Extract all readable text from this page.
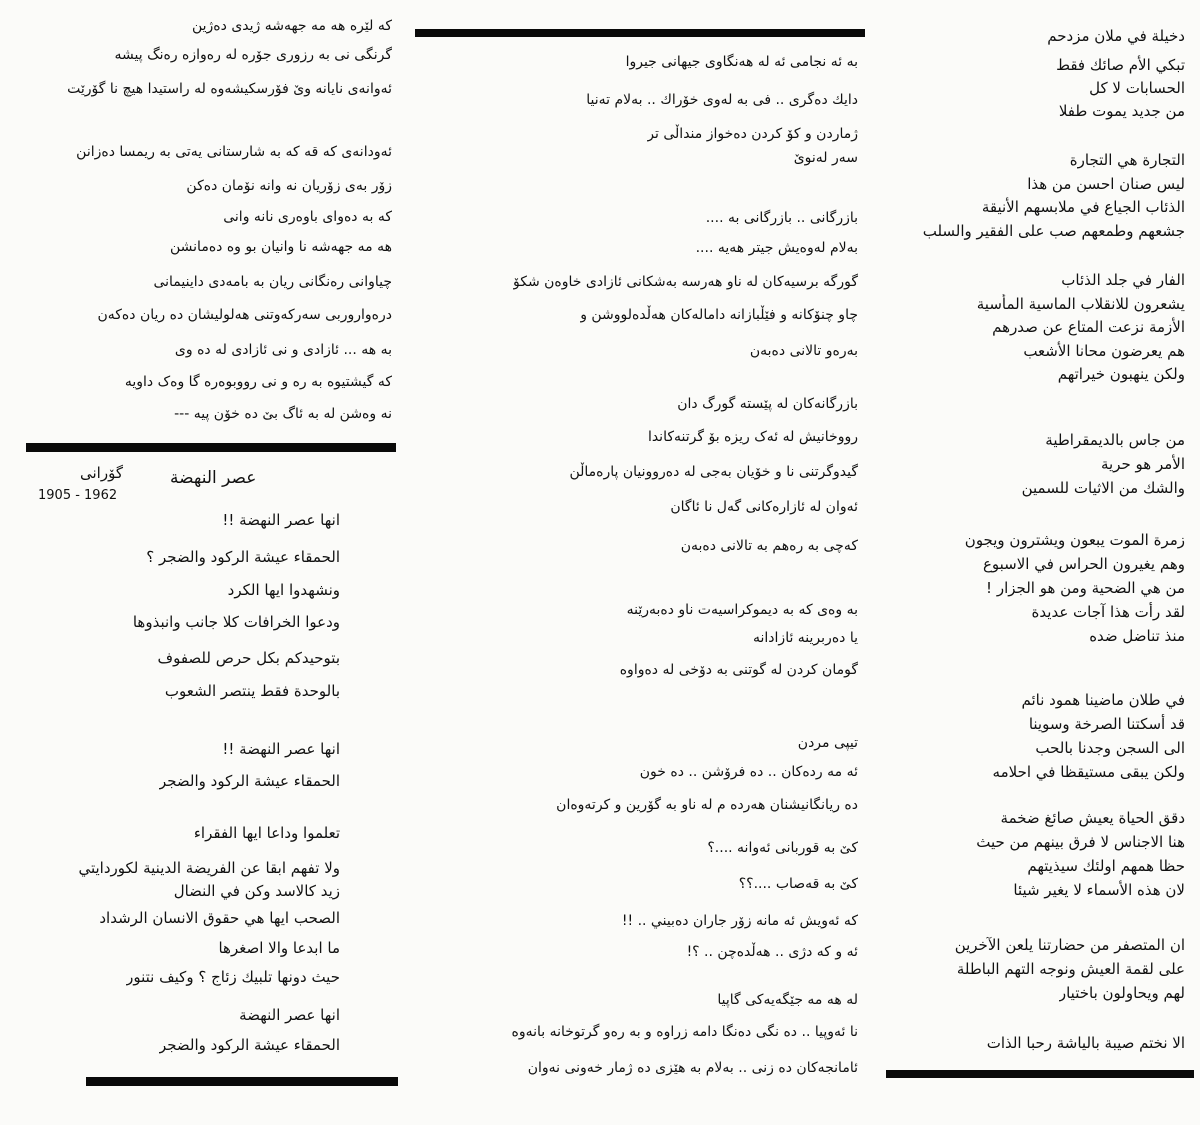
دخيلة في ملان مزدحم
تبكي الأم صائك فقط
الحسابات لا كل
من جديد يموت طفلا
التجارة هي التجارة
ليس صنان احسن من هذا
الذئاب الجياع في ملابسهم الأنيقة
جشعهم وطمعهم صب على الفقير والسلب
الفار في جلد الذئاب
يشعرون للانقلاب الماسية المأسية
الأزمة نزعت المتاع عن صدرهم
هم يعرضون محانا الأشعب
ولكن ينهبون خيراتهم
من جاس بالديمقراطية
الأمر هو حرية
والشك من الاثيات للسمين
زمرة الموت يبعون ويشترون ويجون
وهم يغيرون الحراس في الاسبوع
من هي الضحية ومن هو الجزار !
لقد رأت هذا آجات عديدة
منذ تناضل ضده
في طلان ماضينا همود نائم
قد أسكتنا الصرخة وسوينا
الى السجن وجدنا بالحب
ولكن يبقى مستيقظا في احلامه
دقق الحياة يعيش صائغ ضخمة
هنا الاجناس لا فرق بينهم من حيث
حظا همهم اولئك سيذيتهم
لان هذه الأسماء لا يغير شيئا
ان المتصفر من حضارتنا يلعن الآخرين
على لقمة العيش ونوجه التهم الباطلة
لهم ويحاولون باختيار
الا نختم صيبة بالياشة رحبا الذات
به ئه نجامی ئه له هه‌نگاوی جیهانی جیروا
دایك ده‌گری .. فی به له‌وی خۆراك .. به‌لام ته‌نیا
ژماردن و کۆ کردن ده‌خواز منداڵی تر
سه‌ر له‌نوێ
بازرگانی .. بازرگانی به ....
به‌لام له‌وه‌یش جیتر هه‌یه ....
گورگه برسیه‌کان له ناو هه‌رسه‌ به‌شکانی ئازادی خاوه‌ن شکۆ
چاو چنۆکانه و فێڵبازانه داماله‌کان هه‌ڵده‌لووشن و
به‌ره‌و تالانی ده‌به‌ن
بازرگانه‌کان له‌ پێسته گورگ دان
رووخانیش له ئه‌ک ریزه بۆ گرتنه‌کاندا
گیدوگرتنی نا و خۆیان به‌جی له‌ ده‌روونیان پاره‌ماڵن
ئه‌وان له ئازاره‌کانی گه‌ل نا ئاگان
که‌چی به‌ ره‌هم به‌ تالانی ده‌به‌ن
به‌ وه‌ی که به‌ دیموکراسیه‌ت ناو ده‌به‌رێنه
یا ده‌ربرینه ئازادانه
گومان کردن له گوتنی به‌ دۆخی له‌ ده‌واوه
تیپی مردن
ئه‌ مه‌ رده‌کان .. ده‌ فرۆشن .. ده‌ خون
ده‌ ریانگانیشنان هه‌رده‌ م له‌ ناو به‌ گۆرین و کرته‌وه‌ان
کێ به قوربانی ئه‌وانه‌ ....؟
کێ به قه‌صاب ....؟؟
که‌ ئه‌ویش ئه‌ مانه‌ زۆر جاران ده‌بیني .. !!
ئه‌ و که‌ دژی .. هه‌ڵده‌چن .. ؟!
له‌ هه‌ مه‌ جێگه‌یه‌کی گاپیا
نا ئه‌وپیا .. ده‌ نگی ده‌نگا دامه‌ زراوه‌ و به‌ ره‌و گرتوخانه‌ بانه‌وه‌
ئامانجه‌کان ده‌ زنی .. به‌لام به‌ هێزی ده‌ ژمار خه‌ونی نه‌وان
که لێره هه مه‌ جهه‌شه‌ ژیدی ده‌ژین
گرنگی نی به رزوری جۆره له‌ ره‌وازه ره‌نگ پیشه
ئه‌وانه‌ی نایانه‌ وێ فۆرسکیشه‌وه‌ له‌ راستیدا هیچ نا گۆرێت
ئه‌ودانه‌ی که‌ قه‌ که‌ به‌ شارستانی یه‌تی به‌ ریمسا ده‌زانن
زۆر به‌ی زۆریان نه‌ وانه‌ نۆمان ده‌کن
که‌ به‌ ده‌وای باوه‌ری نانه‌ وانی
هه‌ مه‌ جهه‌شه‌ نا وانیان بو وه‌ ده‌مانشن
چیاوانی ره‌نگانی ریان به‌ بامه‌دی داینیمانی
دره‌واروربی سه‌رکه‌وتنی هه‌لولیشان ده‌ ریان ده‌که‌ن
به‌ هه‌ ... ئازادی و نی ئازادی له‌ ده‌ وی
که‌ گیشتیوه‌ به‌ ره‌ و نی رووبوه‌ره‌ گا وه‌ک داویه‌
نه‌ وه‌شن له‌ به‌ ئاگ بێ ده‌ خۆن پیه ---
عصر النهضة
گۆرانی
1905 - 1962
انها عصر النهضة !!
الحمقاء عيشة الركود والضجر ؟
ونشهدوا ايها الكرد
ودعوا الخرافات كلا جانب وانبذوها
بتوحيدكم بكل حرص للصفوف
بالوحدة فقط ينتصر الشعوب
انها عصر النهضة !!
الحمقاء عيشة الركود والضجر
تعلموا وداعا ايها الفقراء
ولا تفهم ابقا عن الفريضة الدينية لكوردايتي
زيد كالاسد وكن في النضال
الصحب ايها هي حقوق الانسان الرشداد
ما ابدعا والا اصغرها
حيث دونها تلبيك زئاج ؟ وكيف نتنور
انها عصر النهضة
الحمقاء عيشة الركود والضجر
